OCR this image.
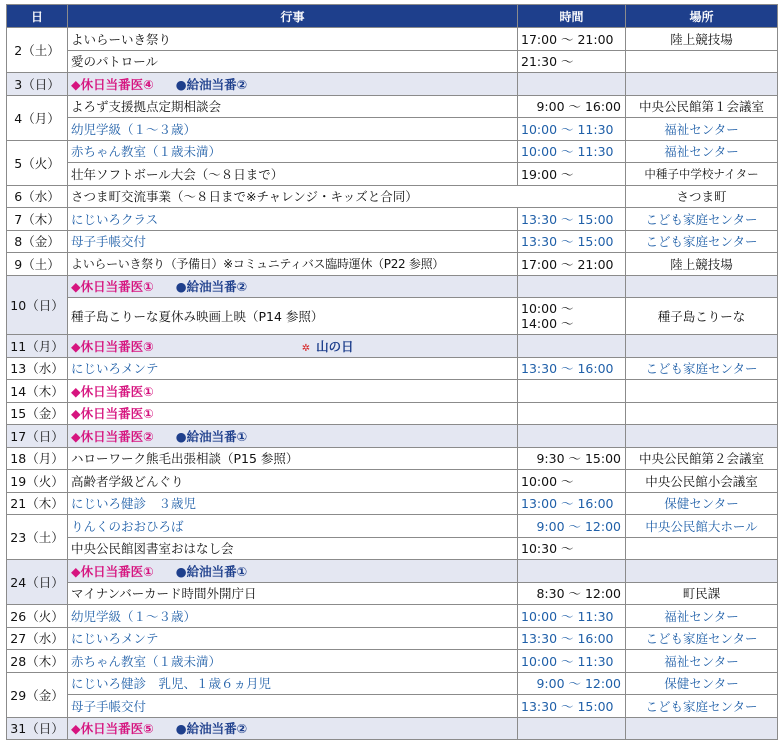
日	行事	時間	場所
2（土）	よいらーいき祭り	17:00 ～ 21:00	陸上競技場
	愛のパトロール	21:30 ～	
3（日）	◆休日当番医④ ●給油当番②		
4（月）	よろず支援拠点定期相談会	9:00 ～ 16:00	中央公民館第１会議室
	幼児学級（１～３歳）	10:00 ～ 11:30	福祉センター
5（火）	赤ちゃん教室（１歳未満）	10:00 ～ 11:30	福祉センター
	壮年ソフトボール大会（～８日まで）	19:00 ～	中種子中学校ナイター
6（水）	さつま町交流事業（～８日まで※チャレンジ・キッズと合同）		さつま町
7（木）	にじいろクラス	13:30 ～ 15:00	こども家庭センター
8（金）	母子手帳交付	13:30 ～ 15:00	こども家庭センター
9（土）	よいらーいき祭り（予備日）※コミュニティバス臨時運休（P22 参照）	17:00 ～ 21:00	陸上競技場
10（日）	◆休日当番医① ●給油当番②		
	種子島こりーな夏休み映画上映（P14 参照）	10:00 ～
14:00 ～	種子島こりーな
11（月）	◆休日当番医③ ✲ 山の日		
13（水）	にじいろメンテ	13:30 ～ 16:00	こども家庭センター
14（木）	◆休日当番医①		
15（金）	◆休日当番医①		
17（日）	◆休日当番医② ●給油当番①		
18（月）	ハローワーク熊毛出張相談（P15 参照）	9:30 ～ 15:00	中央公民館第２会議室
19（火）	高齢者学級どんぐり	10:00 ～	中央公民館小会議室
21（木）	にじいろ健診　３歳児	13:00 ～ 16:00	保健センター
23（土）	りんくのおおひろば	9:00 ～ 12:00	中央公民館大ホール
	中央公民館図書室おはなし会	10:30 ～	
24（日）	◆休日当番医① ●給油当番①		
	マイナンバーカード時間外開庁日	8:30 ～ 12:00	町民課
26（火）	幼児学級（１～３歳）	10:00 ～ 11:30	福祉センター
27（水）	にじいろメンテ	13:30 ～ 16:00	こども家庭センター
28（木）	赤ちゃん教室（１歳未満）	10:00 ～ 11:30	福祉センター
29（金）	にじいろ健診　乳児、１歳６ヵ月児	9:00 ～ 12:00	保健センター
	母子手帳交付	13:30 ～ 15:00	こども家庭センター
31（日）	◆休日当番医⑤ ●給油当番②		
